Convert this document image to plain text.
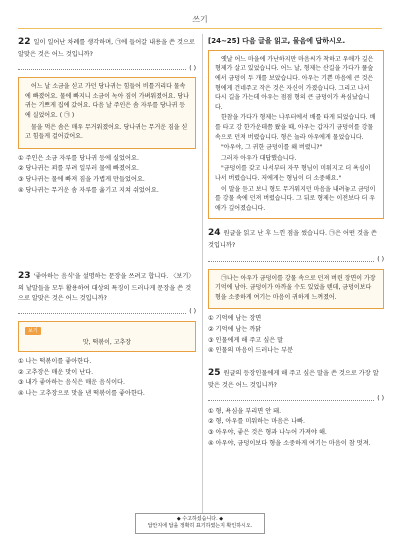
쓰기
22 일이 일어난 차례를 생각하며, ㉠에 들어갈 내용을 쓴 것으로 알맞은 것은 어느 것입니까?
( )

어느 날 소금을 싣고 가던 당나귀는 힘들어 비틀거리다 물속에 빠졌어요. 물에 빠지니 소금이 녹아 짐이 가벼워졌어요. 당나귀는 기쁘게 집에 갔어요. 다음 날 주인은 솜 자루를 당나귀 등에 실었어요. ( ㉠ )

물을 먹은 솜은 매우 무거워졌어요. 당나귀는 무거운 짐을 싣고 힘들게 걸어갔어요.

① 주인은 소금 자루를 당나귀 등에 실었어요.
② 당나귀는 꾀를 부려 일부러 물에 빠졌어요.
③ 당나귀는 물에 빠져 짐을 가볍게 만들었어요.
④ 당나귀는 무거운 솜 자루를 옮기고 지쳐 쉬었어요.
23 '좋아하는 음식'을 설명하는 문장을 쓰려고 합니다. 〈보기〉의 낱말들을 모두 활용하여 대상의 특징이 드러나게 문장을 쓴 것으로 알맞은 것은 어느 것입니까?
( )
보기
맛, 떡볶이, 고추장
① 나는 떡볶이를 좋아한다.
② 고추장은 매운 맛이 난다.
③ 내가 좋아하는 음식은 매운 음식이다.
④ 나는 고추장으로 맛을 낸 떡볶이를 좋아한다.
[24~25] 다음 글을 읽고, 물음에 답하시오.

옛날 어느 마을에 가난하지만 마음씨가 착하고 우애가 깊은 형제가 살고 있었습니다. 어느 날, 형제는 산길을 가다가 풀숲에서 금덩이 두 개를 보았습니다. 아우는 기쁜 마음에 큰 것은 형에게 건네주고 작은 것은 자신이 가졌습니다. 그리고 나서 다시 길을 가는데 아우는 점점 형의 큰 금덩이가 욕심났습니다.

한참을 가다가 형제는 나루터에서 배를 타게 되었습니다. 배를 타고 강 한가운데쯤 왔을 때, 아우는 갑자기 금덩이를 강물 속으로 던져 버렸습니다. 형은 놀라 아우에게 물었습니다.

"아우야, 그 귀한 금덩이를 왜 버렸니?"

그러자 아우가 대답했습니다.

"금덩이를 갖고 나서부터 자꾸 형님이 미워지고 더 욕심이 나서 버렸습니다. 저에게는 형님이 더 소중해요."

이 말을 듣고 보니 형도 무거워지던 마음을 내려놓고 금덩이를 강물 속에 던져 버렸습니다. 그 뒤로 형제는 이전보다 더 우애가 깊어졌습니다.

24 원글을 읽고 난 후 느낀 점을 썼습니다. ㉠은 어떤 것을 쓴 것입니까?
( )

㉠나는 아우가 금덩이를 강물 속으로 던져 버린 장면이 가장 기억에 남아. 금덩이가 아까울 수도 있었을 텐데, 금덩이보다 형을 소중하게 여기는 마음이 귀하게 느껴졌어.

① 기억에 남는 장면
② 기억에 남는 까닭
③ 인물에게 해 주고 싶은 말
④ 인물의 마음이 드러나는 부분
25 원글의 등장인물에게 해 주고 싶은 말을 쓴 것으로 가장 알맞은 것은 어느 것입니까?
( )
① 형, 욕심을 부리면 안 돼.
② 형, 아우를 미워하는 마음은 나빠.
③ 아우야, 좋은 것은 형과 나누어 가져야 해.
④ 아우야, 금덩이보다 형을 소중하게 여기는 마음이 참 멋져.
◆ 수고하셨습니다. ◆
답안지에 답을 정확히 표기하였는지 확인하시오.
